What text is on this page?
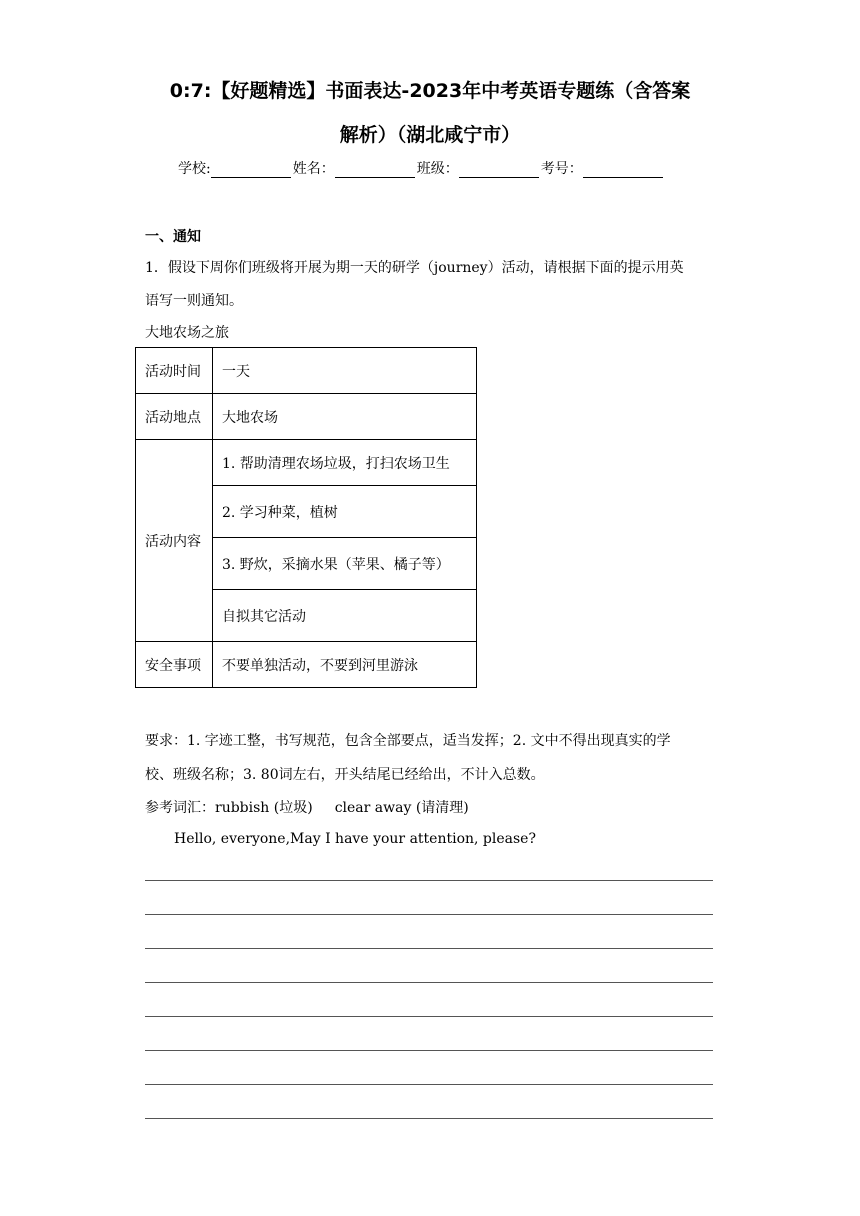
0:7:【好题精选】书面表达-2023年中考英语专题练（含答案
解析）（湖北咸宁市）
学校:	姓名：	班级：	考号：
一、通知
1．假设下周你们班级将开展为期一天的研学（journey）活动，请根据下面的提示用英
语写一则通知。
大地农场之旅
活动时间	一天
活动地点	大地农场
活动内容	1. 帮助清理农场垃圾，打扫农场卫生
	2. 学习种菜，植树
	3. 野炊，采摘水果（苹果、橘子等）
	自拟其它活动
安全事项	不要单独活动，不要到河里游泳
要求：1. 字迹工整，书写规范，包含全部要点，适当发挥；2. 文中不得出现真实的学
校、班级名称；3. 80词左右，开头结尾已经给出，不计入总数。
参考词汇：rubbish (垃圾) clear away (请清理)
Hello, everyone,May I have your attention, please?
